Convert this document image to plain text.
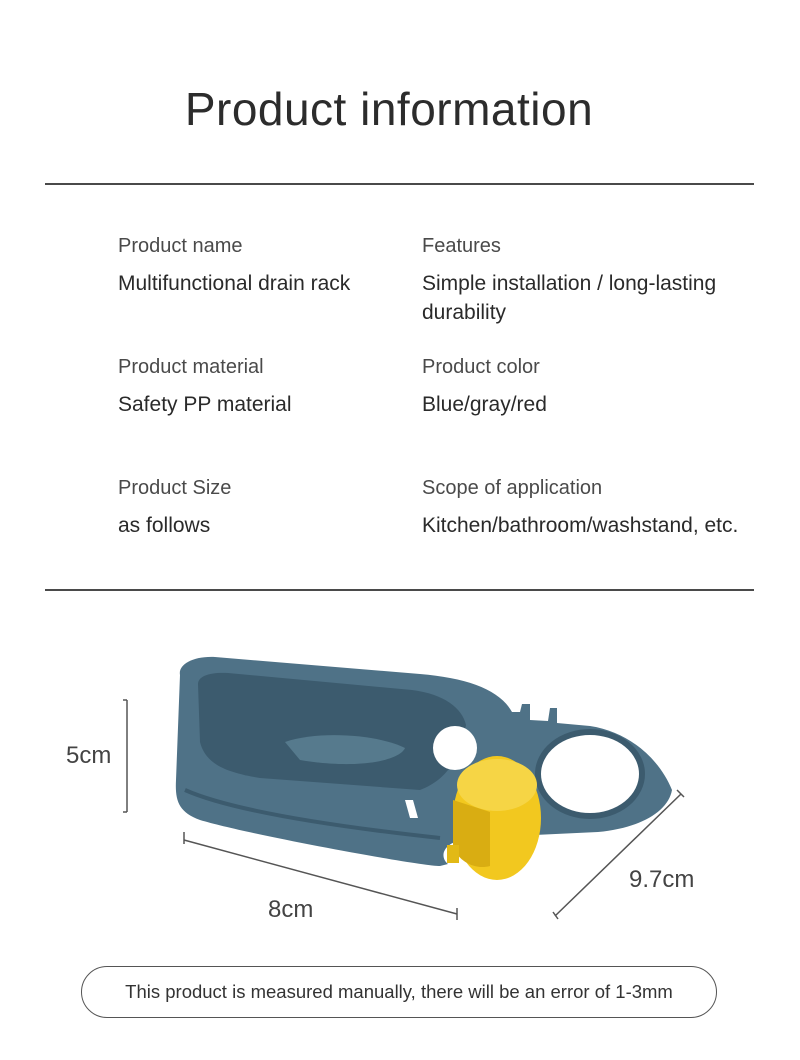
Product information
Product name
Multifunctional drain rack
Features
Simple installation / long-lasting durability
Product material
Safety PP material
Product color
Blue/gray/red
Product Size
as follows
Scope of application
Kitchen/bathroom/washstand, etc.
5cm
8cm
9.7cm
This product is measured manually, there will be an error of 1-3mm
